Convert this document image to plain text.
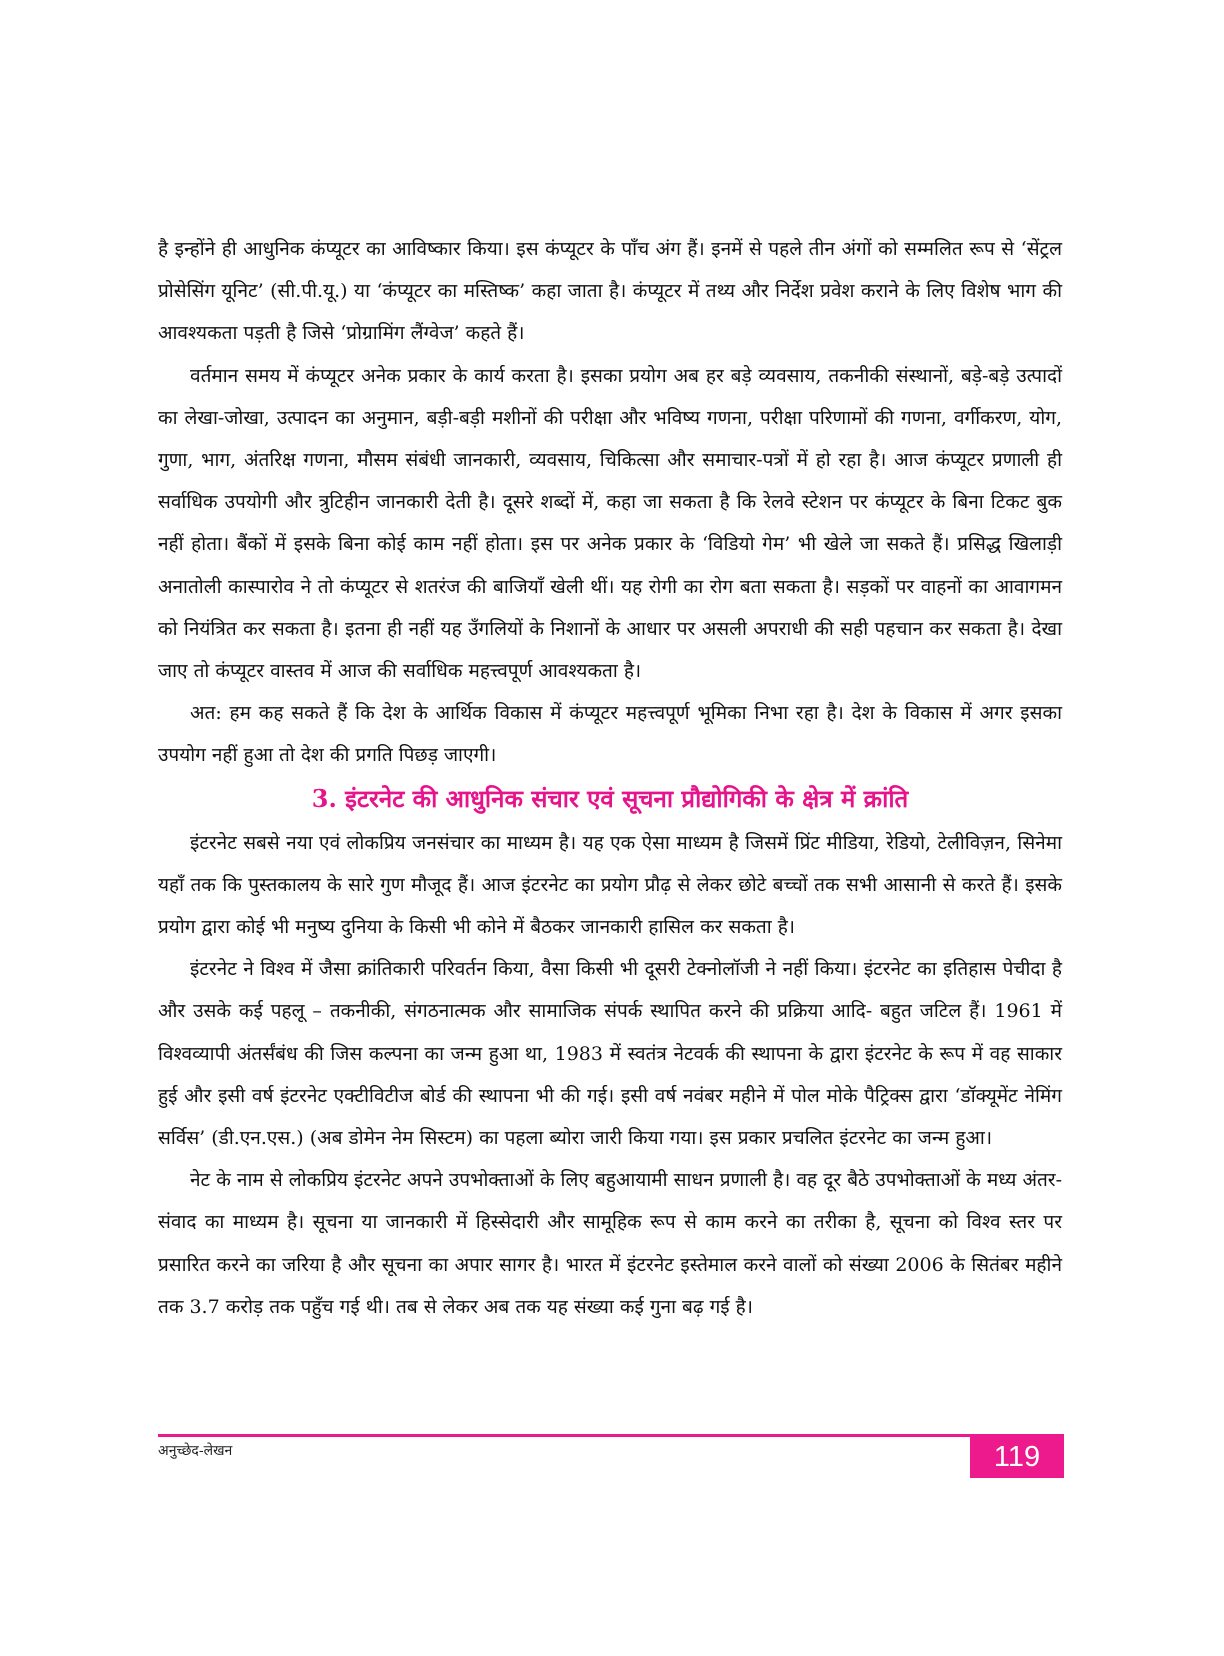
है इन्होंने ही आधुनिक कंप्यूटर का आविष्कार किया। इस कंप्यूटर के पाँच अंग हैं। इनमें से पहले तीन अंगों को सम्मलित रूप से ‘सेंट्रल प्रोसेसिंग यूनिट’ (सी.पी.यू.) या ‘कंप्यूटर का मस्तिष्क’ कहा जाता है। कंप्यूटर में तथ्य और निर्देश प्रवेश कराने के लिए विशेष भाग की आवश्यकता पड़ती है जिसे ‘प्रोग्रामिंग लैंग्वेज’ कहते हैं।

वर्तमान समय में कंप्यूटर अनेक प्रकार के कार्य करता है। इसका प्रयोग अब हर बड़े व्यवसाय, तकनीकी संस्थानों, बड़े-बड़े उत्पादों का लेखा-जोखा, उत्पादन का अनुमान, बड़ी-बड़ी मशीनों की परीक्षा और भविष्य गणना, परीक्षा परिणामों की गणना, वर्गीकरण, योग, गुणा, भाग, अंतरिक्ष गणना, मौसम संबंधी जानकारी, व्यवसाय, चिकित्सा और समाचार-पत्रों में हो रहा है। आज कंप्यूटर प्रणाली ही सर्वाधिक उपयोगी और त्रुटिहीन जानकारी देती है। दूसरे शब्दों में, कहा जा सकता है कि रेलवे स्टेशन पर कंप्यूटर के बिना टिकट बुक नहीं होता। बैंकों में इसके बिना कोई काम नहीं होता। इस पर अनेक प्रकार के ‘विडियो गेम’ भी खेले जा सकते हैं। प्रसिद्ध खिलाड़ी अनातोली कास्पारोव ने तो कंप्यूटर से शतरंज की बाजियाँ खेली थीं। यह रोगी का रोग बता सकता है। सड़कों पर वाहनों का आवागमन को नियंत्रित कर सकता है। इतना ही नहीं यह उँगलियों के निशानों के आधार पर असली अपराधी की सही पहचान कर सकता है। देखा जाए तो कंप्यूटर वास्तव में आज की सर्वाधिक महत्त्वपूर्ण आवश्यकता है।

अत: हम कह सकते हैं कि देश के आर्थिक विकास में कंप्यूटर महत्त्वपूर्ण भूमिका निभा रहा है। देश के विकास में अगर इसका उपयोग नहीं हुआ तो देश की प्रगति पिछड़ जाएगी।

3. इंटरनेट की आधुनिक संचार एवं सूचना प्रौद्योगिकी के क्षेत्र में क्रांति

इंटरनेट सबसे नया एवं लोकप्रिय जनसंचार का माध्यम है। यह एक ऐसा माध्यम है जिसमें प्रिंट मीडिया, रेडियो, टेलीविज़न, सिनेमा यहाँ तक कि पुस्तकालय के सारे गुण मौजूद हैं। आज इंटरनेट का प्रयोग प्रौढ़ से लेकर छोटे बच्चों तक सभी आसानी से करते हैं। इसके प्रयोग द्वारा कोई भी मनुष्य दुनिया के किसी भी कोने में बैठकर जानकारी हासिल कर सकता है।

इंटरनेट ने विश्व में जैसा क्रांतिकारी परिवर्तन किया, वैसा किसी भी दूसरी टेक्नोलॉजी ने नहीं किया। इंटरनेट का इतिहास पेचीदा है और उसके कई पहलू – तकनीकी, संगठनात्मक और सामाजिक संपर्क स्थापित करने की प्रक्रिया आदि- बहुत जटिल हैं। 1961 में विश्वव्यापी अंतर्संबंध की जिस कल्पना का जन्म हुआ था, 1983 में स्वतंत्र नेटवर्क की स्थापना के द्वारा इंटरनेट के रूप में वह साकार हुई और इसी वर्ष इंटरनेट एक्टीविटीज बोर्ड की स्थापना भी की गई। इसी वर्ष नवंबर महीने में पोल मोके पैट्रिक्स द्वारा ‘डॉक्यूमेंट नेमिंग सर्विस’ (डी.एन.एस.) (अब डोमेन नेम सिस्टम) का पहला ब्योरा जारी किया गया। इस प्रकार प्रचलित इंटरनेट का जन्म हुआ।

नेट के नाम से लोकप्रिय इंटरनेट अपने उपभोक्ताओं के लिए बहुआयामी साधन प्रणाली है। वह दूर बैठे उपभोक्ताओं के मध्य अंतर-संवाद का माध्यम है। सूचना या जानकारी में हिस्सेदारी और सामूहिक रूप से काम करने का तरीका है, सूचना को विश्व स्तर पर प्रसारित करने का जरिया है और सूचना का अपार सागर है। भारत में इंटरनेट इस्तेमाल करने वालों को संख्या 2006 के सितंबर महीने तक 3.7 करोड़ तक पहुँच गई थी। तब से लेकर अब तक यह संख्या कई गुना बढ़ गई है।

अनुच्छेद-लेखन	119
